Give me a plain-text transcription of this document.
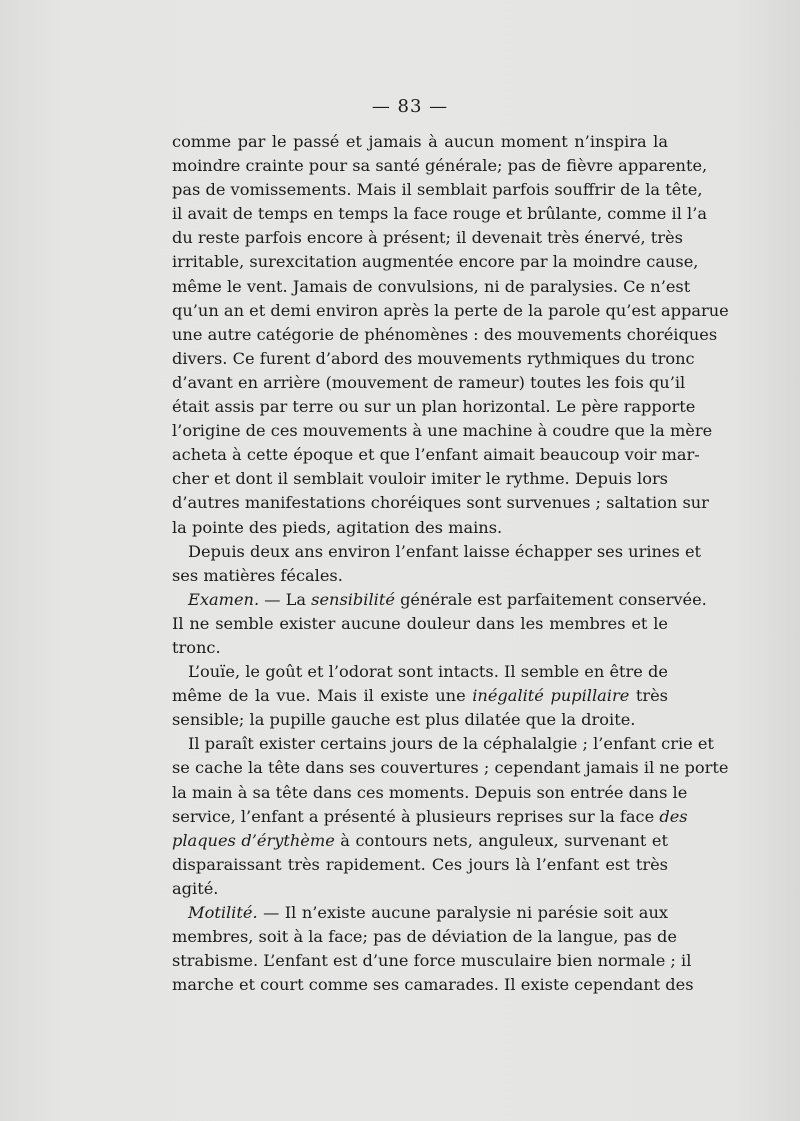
— 83 —
comme par le passé et jamais à aucun moment n’inspira la
moindre crainte pour sa santé générale; pas de fièvre apparente,
pas de vomissements. Mais il semblait parfois souffrir de la tête,
il avait de temps en temps la face rouge et brûlante, comme il l’a
du reste parfois encore à présent; il devenait très énervé, très
irritable, surexcitation augmentée encore par la moindre cause,
même le vent. Jamais de convulsions, ni de paralysies. Ce n’est
qu’un an et demi environ après la perte de la parole qu’est apparue
une autre catégorie de phénomènes : des mouvements choréiques
divers. Ce furent d’abord des mouvements rythmiques du tronc
d’avant en arrière (mouvement de rameur) toutes les fois qu’il
était assis par terre ou sur un plan horizontal. Le père rapporte
l’origine de ces mouvements à une machine à coudre que la mère
acheta à cette époque et que l’enfant aimait beaucoup voir mar-
cher et dont il semblait vouloir imiter le rythme. Depuis lors
d’autres manifestations choréiques sont survenues ; saltation sur
la pointe des pieds, agitation des mains.
Depuis deux ans environ l’enfant laisse échapper ses urines et
ses matières fécales.
Examen. — La sensibilité générale est parfaitement conservée.
Il ne semble exister aucune douleur dans les membres et le
tronc.
L’ouïe, le goût et l’odorat sont intacts. Il semble en être de
même de la vue. Mais il existe une inégalité pupillaire très
sensible; la pupille gauche est plus dilatée que la droite.
Il paraît exister certains jours de la céphalalgie ; l’enfant crie et
se cache la tête dans ses couvertures ; cependant jamais il ne porte
la main à sa tête dans ces moments. Depuis son entrée dans le
service, l’enfant a présenté à plusieurs reprises sur la face des
plaques d’érythème à contours nets, anguleux, survenant et
disparaissant très rapidement. Ces jours là l’enfant est très
agité.
Motilité. — Il n’existe aucune paralysie ni parésie soit aux
membres, soit à la face; pas de déviation de la langue, pas de
strabisme. L’enfant est d’une force musculaire bien normale ; il
marche et court comme ses camarades. Il existe cependant des
